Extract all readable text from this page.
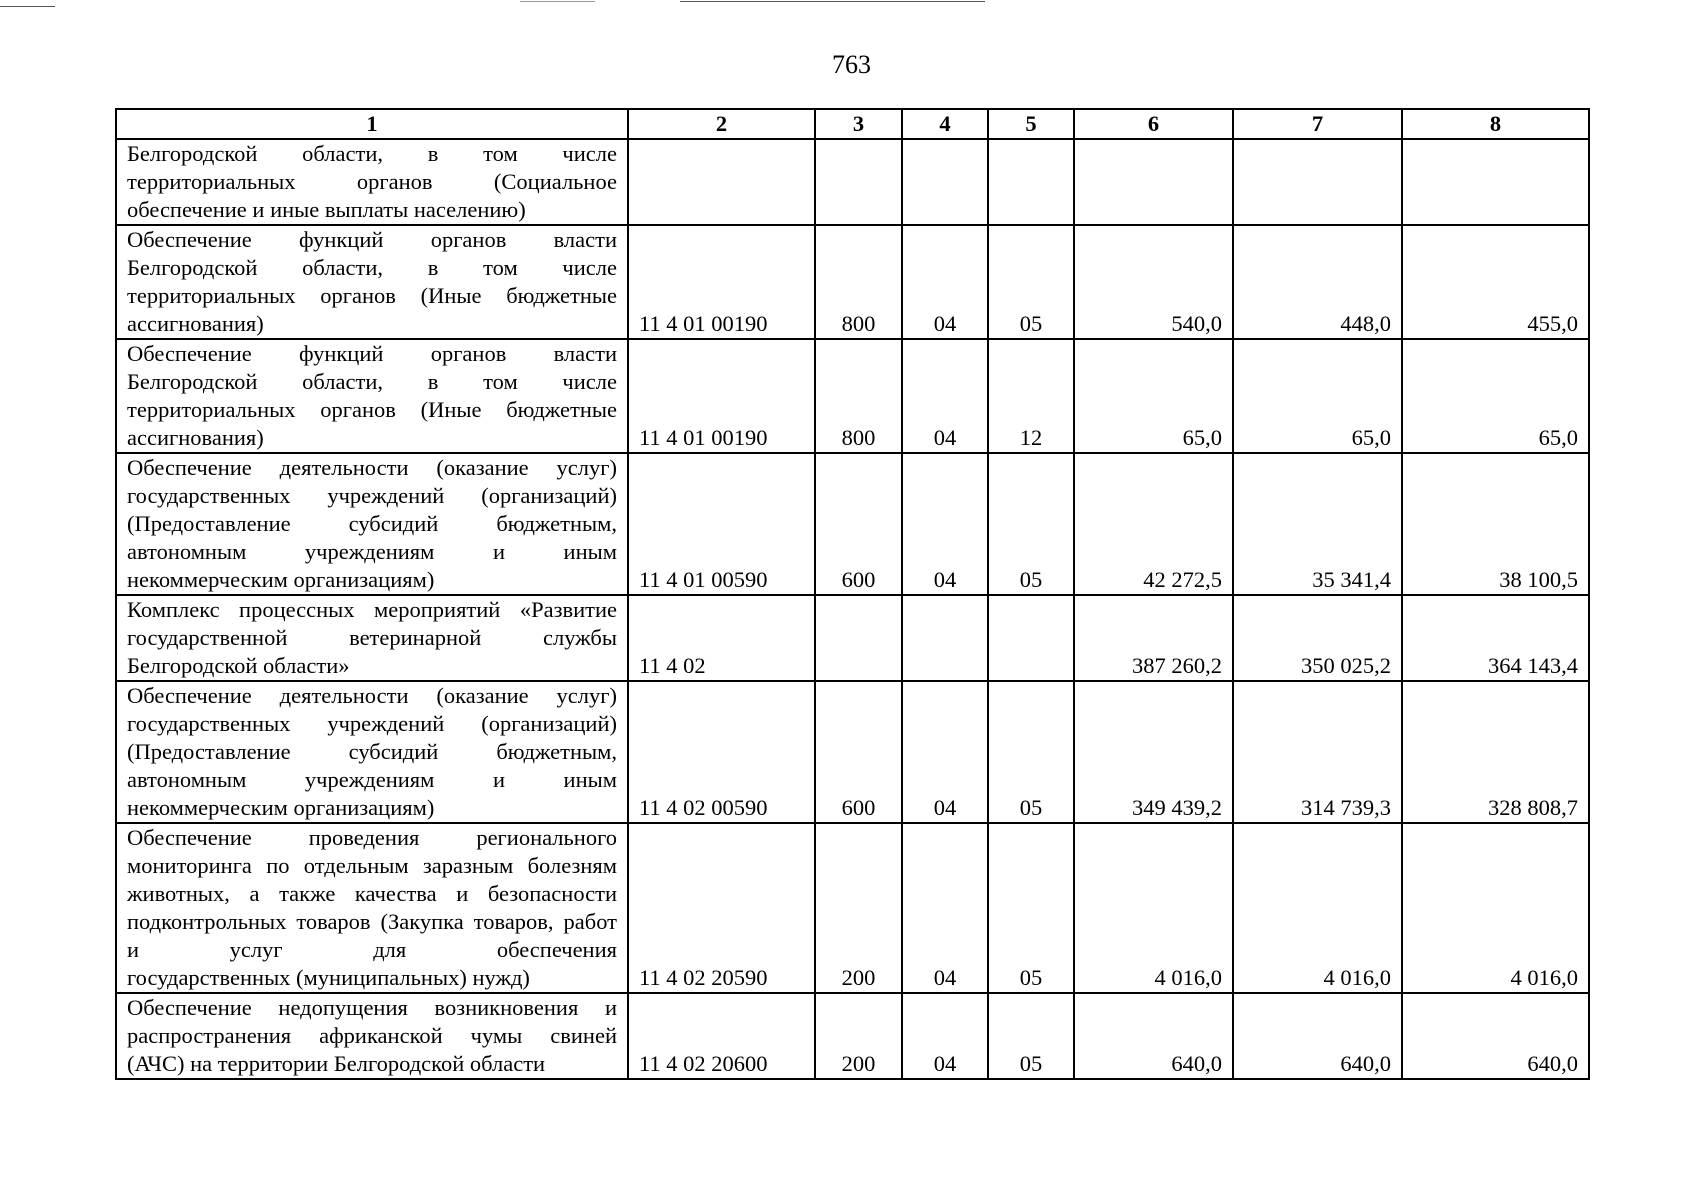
763
1	2	3	4	5	6	7	8
Белгородской области, в том числе территориальных органов (Социальное
обеспечение и иные выплаты населению)							

Обеспечение функций органов власти Белгородской области, в том числе территориальных органов (Иные бюджетные
ассигнования)	11 4 01 00190	800	04	05	540,0	448,0	455,0
Обеспечение функций органов власти Белгородской области, в том числе территориальных органов (Иные бюджетные
ассигнования)	11 4 01 00190	800	04	12	65,0	65,0	65,0
Обеспечение деятельности (оказание услуг) государственных учреждений (организаций) (Предоставление субсидий бюджетным, автономным учреждениям и иным
некоммерческим организациям)	11 4 01 00590	600	04	05	42 272,5	35 341,4	38 100,5
Комплекс процессных мероприятий «Развитие государственной ветеринарной службы
Белгородской области»	11 4 02				387 260,2	350 025,2	364 143,4
Обеспечение деятельности (оказание услуг) государственных учреждений (организаций) (Предоставление субсидий бюджетным, автономным учреждениям и иным
некоммерческим организациям)	11 4 02 00590	600	04	05	349 439,2	314 739,3	328 808,7
Обеспечение проведения регионального мониторинга по отдельным заразным болезням животных, а также качества и безопасности подконтрольных товаров (Закупка товаров, работ и услуг для обеспечения
государственных (муниципальных) нужд)	11 4 02 20590	200	04	05	4 016,0	4 016,0	4 016,0
Обеспечение недопущения возникновения и распространения африканской чумы свиней
(АЧС) на территории Белгородской области	11 4 02 20600	200	04	05	640,0	640,0	640,0
